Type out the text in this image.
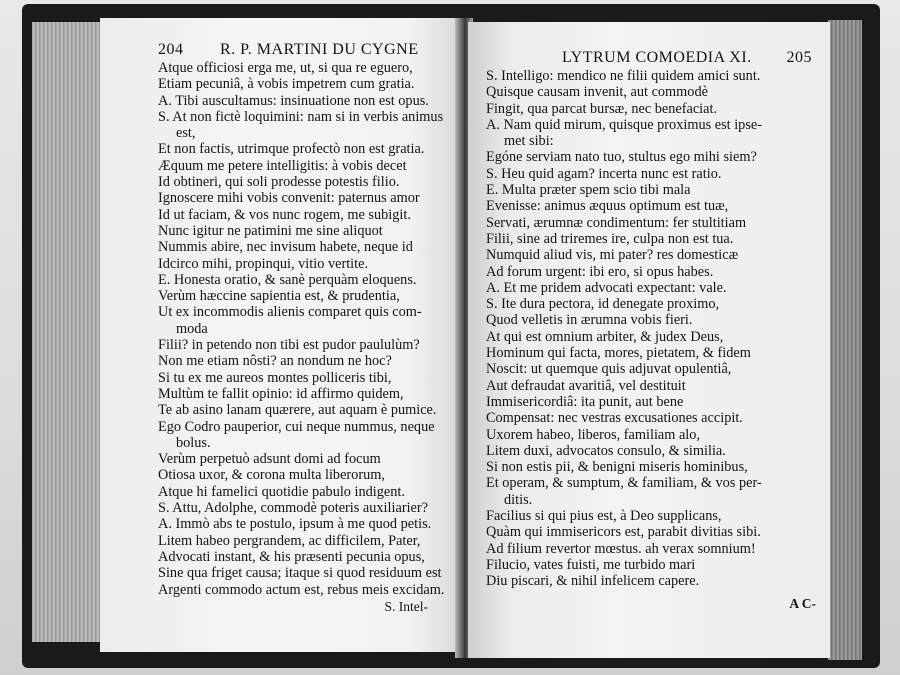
204 R. P. MARTINI DU CYGNE
Atque officiosi erga me, ut, si qua re eguero,
Etiam pecuniâ, à vobis impetrem cum gratia.
A. Tibi auscultamus: insinuatione non est opus.
S. At non fictè loquimini: nam si in verbis animus
est,
Et non factis, utrimque profectò non est gratia.
Æquum me petere intelligitis: à vobis decet
Id obtineri, qui soli prodesse potestis filio.
Ignoscere mihi vobis convenit: paternus amor
Id ut faciam, & vos nunc rogem, me subigit.
Nunc igitur ne patimini me sine aliquot
Nummis abire, nec invisum habete, neque id
Idcirco mihi, propinqui, vitio vertite.
E. Honesta oratio, & sanè perquàm eloquens.
Verùm hæccine sapientia est, & prudentia,
Ut ex incommodis alienis comparet quis com-
moda
Filii? in petendo non tibi est pudor paululùm?
Non me etiam nôsti? an nondum ne hoc?
Si tu ex me aureos montes polliceris tibi,
Multùm te fallit opinio: id affirmo quidem,
Te ab asino lanam quærere, aut aquam è pumice.
Ego Codro pauperior, cui neque nummus, neque
bolus.
Verùm perpetuò adsunt domi ad focum
Otiosa uxor, & corona multa liberorum,
Atque hi famelici quotidie pabulo indigent.
S. Attu, Adolphe, commodè poteris auxiliarier?
A. Immò abs te postulo, ipsum à me quod petis.
Litem habeo pergrandem, ac difficilem, Pater,
Advocati instant, & his præsenti pecunia opus,
Sine qua friget causa; itaque si quod residuum est
Argenti commodo actum est, rebus meis excidam.
S. Intel-
LYTRUM COMOEDIA XI. 205
S. Intelligo: mendico ne filii quidem amici sunt.
Quisque causam invenit, aut commodè
Fingit, qua parcat bursæ, nec benefaciat.
A. Nam quid mirum, quisque proximus est ipse-
met sibi:
Egóne serviam nato tuo, stultus ego mihi siem?
S. Heu quid agam? incerta nunc est ratio.
E. Multa præter spem scio tibi mala
Evenisse: animus æquus optimum est tuæ,
Servati, ærumnæ condimentum: fer stultitiam
Filii, sine ad triremes ire, culpa non est tua.
Numquid aliud vis, mi pater? res domesticæ
Ad forum urgent: ibi ero, si opus habes.
A. Et me pridem advocati expectant: vale.
S. Ite dura pectora, id denegate proximo,
Quod velletis in ærumna vobis fieri.
At qui est omnium arbiter, & judex Deus,
Hominum qui facta, mores, pietatem, & fidem
Noscit: ut quemque quis adjuvat opulentiâ,
Aut defraudat avaritiâ, vel destituit
Immisericordiâ: ita punit, aut bene
Compensat: nec vestras excusationes accipit.
Uxorem habeo, liberos, familiam alo,
Litem duxi, advocatos consulo, & similia.
Si non estis pii, & benigni miseris hominibus,
Et operam, & sumptum, & familiam, & vos per-
ditis.
Facilius si qui pius est, à Deo supplicans,
Quàm qui immisericors est, parabit divitias sibi.
Ad filium revertor mœstus. ah verax somnium!
Filucio, vates fuisti, me turbido mari
Diu piscari, & nihil infelicem capere.
A C-
